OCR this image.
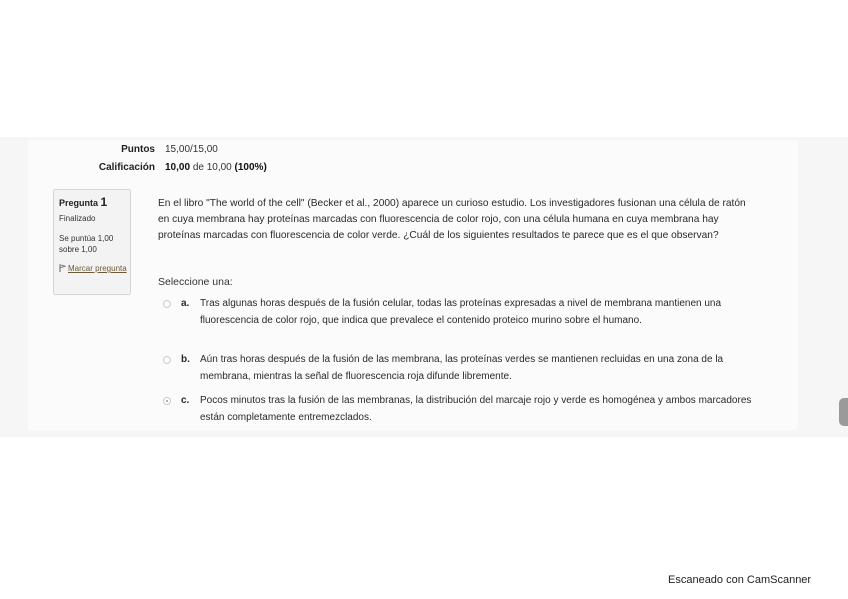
Puntos 15,00/15,00
Calificación 10,00 de 10,00 (100%)
Pregunta 1
Finalizado
Se puntúa 1,00 sobre 1,00
Marcar pregunta
En el libro "The world of the cell" (Becker et al., 2000) aparece un curioso estudio. Los investigadores fusionan una célula de ratón en cuya membrana hay proteínas marcadas con fluorescencia de color rojo, con una célula humana en cuya membrana hay proteínas marcadas con fluorescencia de color verde. ¿Cuál de los siguientes resultados te parece que es el que observan?
Seleccione una:
a. Tras algunas horas después de la fusión celular, todas las proteínas expresadas a nivel de membrana mantienen una fluorescencia de color rojo, que indica que prevalece el contenido proteico murino sobre el humano.
b. Aún tras horas después de la fusión de las membrana, las proteínas verdes se mantienen recluidas en una zona de la membrana, mientras la señal de fluorescencia roja difunde libremente.
c. Pocos minutos tras la fusión de las membranas, la distribución del marcaje rojo y verde es homogénea y ambos marcadores están completamente entremezclados.
Escaneado con CamScanner
